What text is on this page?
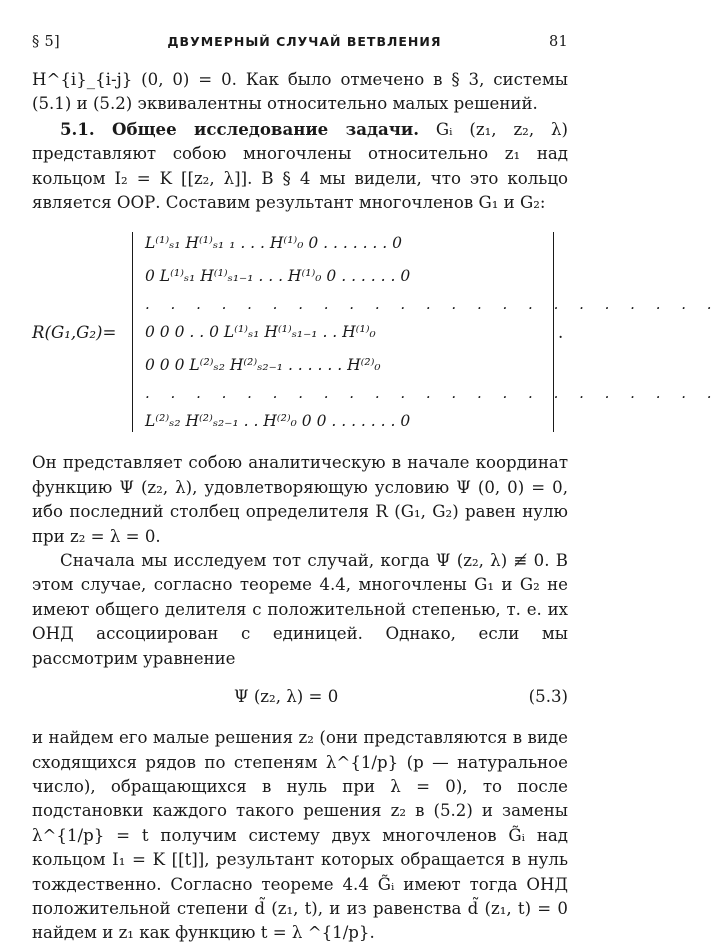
§ 5]	ДВУМЕРНЫЙ СЛУЧАЙ ВЕТВЛЕНИЯ	81

H^{i}_{i-j} (0, 0) = 0. Как было отмечено в § 3, системы (5.1) и (5.2) эквивалентны относительно малых решений.

5.1. Общее исследование задачи. Gᵢ (z₁, z₂, λ) представляют собою многочлены относительно z₁ над кольцом I₂ = K [[z₂, λ]]. В § 4 мы видели, что это кольцо является ООР. Составим результант многочленов G₁ и G₂:

R(G₁,G₂)=
L⁽¹⁾ₛ₁ H⁽¹⁾ₛ₁ ₁ . . . H⁽¹⁾₀ 0 . . . . . . . 0
0 L⁽¹⁾ₛ₁ H⁽¹⁾ₛ₁₋₁ . . . H⁽¹⁾₀ 0 . . . . . . 0
. . . . . . . . . . . . . . . . . . . . . . .
0 0 0 . . 0 L⁽¹⁾ₛ₁ H⁽¹⁾ₛ₁₋₁ . . H⁽¹⁾₀
0 0 0 L⁽²⁾ₛ₂ H⁽²⁾ₛ₂₋₁ . . . . . . H⁽²⁾₀
. . . . . . . . . . . . . . . . . . . . . . .
L⁽²⁾ₛ₂ H⁽²⁾ₛ₂₋₁ . . H⁽²⁾₀ 0 0 . . . . . . . 0
.

Он представляет собою аналитическую в начале координат функцию Ψ (z₂, λ), удовлетворяющую условию Ψ (0, 0) = 0, ибо последний столбец определителя R (G₁, G₂) равен нулю при z₂ = λ = 0.

Сначала мы исследуем тот случай, когда Ψ (z₂, λ) ≢ 0. В этом случае, согласно теореме 4.4, многочлены G₁ и G₂ не имеют общего делителя с положительной степенью, т. е. их ОНД ассоциирован с единицей. Однако, если мы рассмотрим уравнение

Ψ (z₂, λ) = 0	(5.3)

и найдем его малые решения z₂ (они представляются в виде сходящихся рядов по степеням λ^{1/p} (p — натуральное число), обращающихся в нуль при λ = 0), то после подстановки каждого такого решения z₂ в (5.2) и замены λ^{1/p} = t получим систему двух многочленов G̃ᵢ над кольцом I₁ = K [[t]], результант которых обращается в нуль тождественно. Согласно теореме 4.4 G̃ᵢ имеют тогда ОНД положительной степени d̃ (z₁, t), и из равенства d̃ (z₁, t) = 0 найдем и z₁ как функцию t = λ ^{1/p}.
